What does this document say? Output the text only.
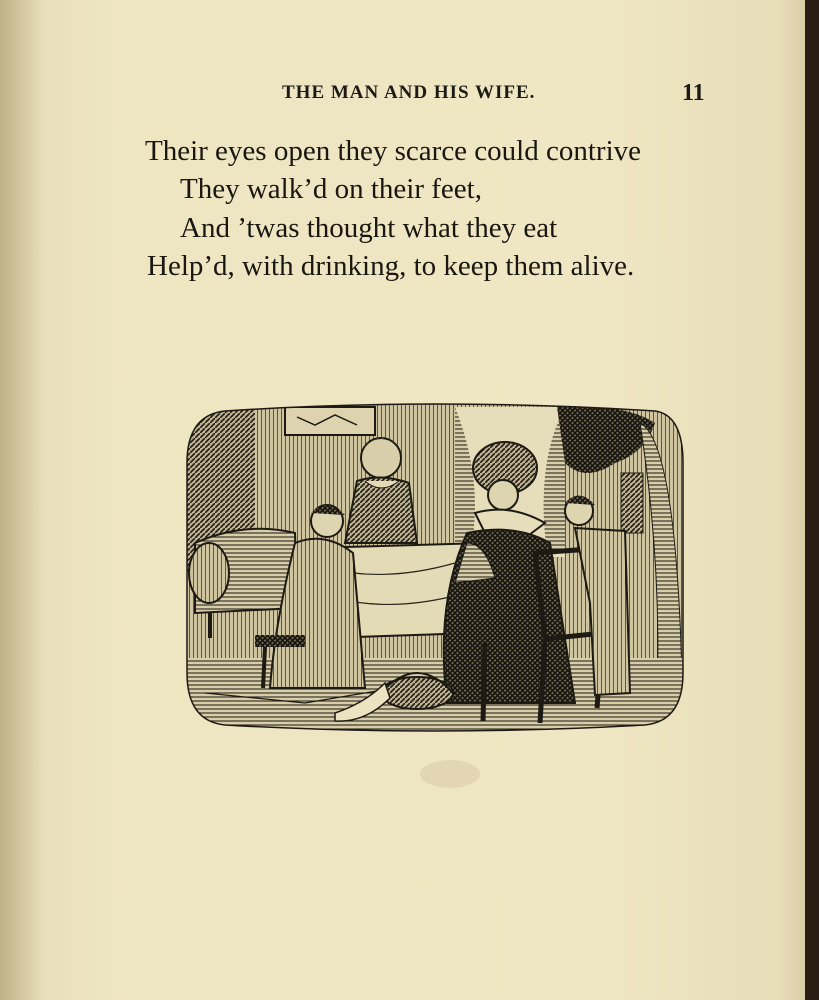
THE MAN AND HIS WIFE.	11
Their eyes open they scarce could contrive
They walk’d on their feet,
And ’twas thought what they eat
Help’d, with drinking, to keep them alive.
